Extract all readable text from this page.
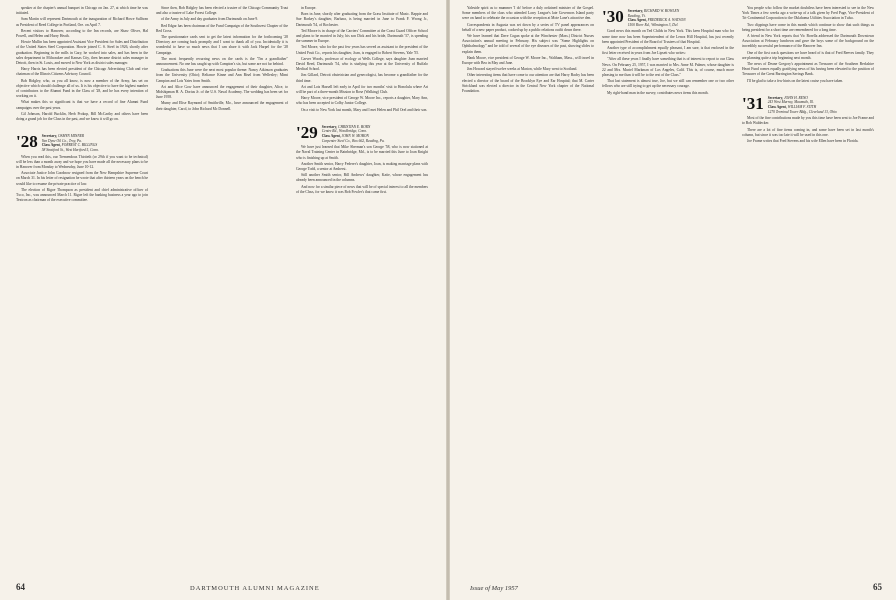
speaker at the chapter's annual banquet in Chicago on Jan. 27, at which time he was initiated.

Sam Martin will represent Dartmouth at the inauguration of Richard Howe Sullivan as President of Reed College in Portland, Ore. on April 7.

Recent visitors to Hanover, according to the Inn records, are Shaw Oliver, Hal Powell, and Helen and Harry Heath.

Howie Mullin has been appointed Assistant Vice President for Sales and Distribution of the United States Steel Corporation. Howie joined C. S. Steel in 1926, shortly after graduation. Beginning in the mills in Gary, he worked into sales, and has been in the sales department in Milwaukee and Kansas City, then became district sales manager in Detroit, then in St. Louis, and moved to New York as district sales manager.

Harry Harris has been elected president of the Chicago Advertising Club and vice chairman of the Illinois Citizens Advisory Council.

Bob Ridgley, who, as you all know, is now a member of the Army, has set on objective which should challenge all of us. It is his objective to have the highest number of contributors to the Alumni Fund in the Class of '28, and he has every intention of working on it.

What makes this so significant is that we have a record of fine Alumni Fund campaigns over the past years.

Gil Johnson, Harold Bucklin, Herb Prokop, Bill McCarthy and others have been doing a grand job for the Class in the past, and we know it will go on.

'28 Secretary, OSMYN MINNER
Van Dyne Oil Co., Troy, Pa.
Class Agent, FORREST C. BILLINGS
58 Stratford St., West Hartford 5, Conn.

When you read this, our Tremendous Thirtieth (or 29th if you want to be technical) will be less than a month away and we hope you have made all the necessary plans to be in Hanover from Monday to Wednesday, June 10-12.

Associate Justice John Goodnow resigned from the New Hampshire Supreme Court on March 31. In his letter of resignation he wrote that after thirteen years on the bench he would like to resume the private practice of law.

The election of Rigoe Thompson as president and chief administrative officer of Txco, Inc., was announced March 11. Rigoe left the banking business a year ago to join Textron as chairman of the executive committee.

Since then, Bob Ridgley has been elected a trustee of the Chicago Community Trust and also a trustee of Lake Forest College.

of the Army in July and day graduates from Dartmouth on June 9.

Red Edgar has been chairman of the Fund Campaign of the Southwest Chapter of the Red Cross.

The questionnaire cards sent to get the latest information for the forthcoming '28 Directory are coming back promptly and I want to thank all of you. Incidentally it is wonderful to have so much news that I can share it with Jack Harpel for the '28 Campaign.

The most frequently recurring news on the cards is the "I'm a grandfather" announcement. No one has caught up with Campion's six, but some are not far behind.

Graduations this June were the next most popular theme: Nancy Atkinson graduates from the University (Ohio); Reliance Kinne and Ann Bisel from Wellesley; Mimi Campion and Lois Yates from Smith.

Art and Alice Gow have announced the engagement of their daughter, Alice, to Midshipman H. A. Dorius Jr. of the U.S. Naval Academy. The wedding has been set for June 1958.

Mumy and Elise Raymond of Smithville, Mo., have announced the engagement of their daughter, Carol, to John Richard Mc Donnell.

in Europe.

Born in June, shortly after graduating from the Grass Institute of Music. Rappie and Sue Barkey's daughter, Barbara, is being married in June to Frank F. Wrong Jr., Dartmouth '54, of Rochester.

Ted Moore is in charge of the Carriers' Committee at the Coast Guard Officer School and plans to be married in July; his son Dick and his bride, Dartmouth '57, is spending the summer in Europe.

Ted Moore, who for the past few years has served as assistant to the president of the United Fruit Co., reports his daughter, Joan, is engaged to Robert Stevens, Yale '55.

Carver Woods, professor of ecology at Wells College, says daughter Joan married David Reed, Dartmouth '54, who is studying this year at the University of Buffalo Medical School.

Jim Gillard, Detroit obstetrician and gynecologist, has become a grandfather for the third time.

Art and Lois Hassell left early in April for two months' visit to Honolulu where Art will be part of a three-month Mission to Rose (Walking) Club.

Harry Moore, vice president of George W. Moore Inc., reports a daughter, Mary Ann, who has been accepted to Colby Junior College.

On a visit to New York last month, Mary and I met Helen and Phil Orel and their son.

'29 Secretary, CHRISTIAN E. BORN
Centre Rd., Woodbridge, Conn.
Class Agent, JOHN W. MOBON
Carpenter Steel Co., Box 662, Reading, Pa.

We have just learned that Mike Sherman's son George '58, who is now stationed at the Naval Training Center in Bainbridge, Md., is to be married this June to Joan Knight who is finishing up at Smith.

Another Smith senior, Harry Federer's daughter, Joan, is making marriage plans with George Todd, a senior at Amherst.

Still another Smith senior, Bill Andrews' daughter, Katie, whose engagement has already been announced in the columns.

And now for a similar piece of news that will be of special interest to all the members of the Class, for we know it was Bob Fowler's that came first.

64	DARTMOUTH ALUMNI MAGAZINE

Yaleside spirit as to mummer 'I do' before a duly ordained minister of the Gospel. Some members of the class who attended Larry League's late Governors Island party were on hand to celebrate the occasion with the reception at Mote Lane's attractive den.

Correspondents in Augusta was set down by a series of TV panel appearances on behalf of a new paper product, cooked up by a public relations outfit down there.

We have learned that Dave Cogan spoke at the Winchester (Mass.) District Nurses Association's annual meeting in February. His subject was "Some Highlights on Ophthalmology" and he told of several of the eye diseases of the past, showing slides to explain them.

Hank Moore, vice president of George W. Moore Inc., Waltham, Mass., will travel in Europe with Bea in May and June.

Jim Howard stayed twelve weeks at Marion, while Mary went to Scotland.

Other interesting items that have come to our attention are that Harry Bachy has been elected a director of the board of the Brooklyn Eye and Ear Hospital; that M. Carter Strickland was elected a director in the Central New York chapter of the National Foundation.

'30 Secretary, RICHARD W. BOWLEN
Reading, Vt.
Class Agent, FREDERICK A. WATSON
1500 River Rd., Wilmington 3, Del.

Good news this month on Ted Childs in New York. This keen Hospital man who for some time now has been Superintendent of the Lenox Hill Hospital, has just recently been appointed President of the Board of Trustees of that Hospital.

Another type of accomplishment equally pleasant, I am sure, is that enclosed in the first letter received in years from Joe Lipsett who writes:

"After all these years I finally have something that is of interest to report to our Class News. On February 25, 1957, I was married to Mrs. Anne M. Palmer, whose daughter is 22 and Mrs. Muriel Markman of Los Angeles, Calif. This is, of course, much more pleasing to me than it will be to the rest of the Class."

That last statement is almost true, Joe, but we still can remember one or two other fellows who are still trying to get up the necessary courage.

My right-hand man in the survey, contributes news items this month.

You people who follow the market doubtless have been interested to see in the New York Times a few weeks ago a write-up of a talk given by Fred Page, Vice-President of Tri-Continental Corporation to the Oklahoma Utilities Association in Tulsa.

Two clippings have come in this month which continue to show that such things as being president for a short time are remembered for a long time.

A friend in New York reports that Vic Borella addressed the Dartmouth Downtown Association at February luncheon and gave the boys some of the background on the incredibly successful performance of the Hanover Inn.

One of the first crack questions we have heard of is that of Fred Reeves family. They are planning quite a trip beginning next month.

The news of Deane Gregory's appointment as Treasurer of the Southern Berkshire Heart Fund comes equally gratifying news of his having been elevated to the position of Treasurer of the Great Barrington Savings Bank.

I'll be glad to take a few hints on the latest cruise you have taken.

'31 Secretary, JOHN H. RENO
243 West Murray, Maumuth, Ill.
Class Agent, WILLIAM F. STITH
1270 Terminal Tower Bldg., Cleveland 13, Ohio

Most of the fine contributions made by you this time have been sent to Joe Frame and to Bob Waldecker.

There are a lot of fine items coming in, and some have been set in last month's column, but since it was too late it will be used in this one.

Joe Frame writes that Fred Stevens and his wife Ellen have been in Florida.

Issue of May 1957	65
